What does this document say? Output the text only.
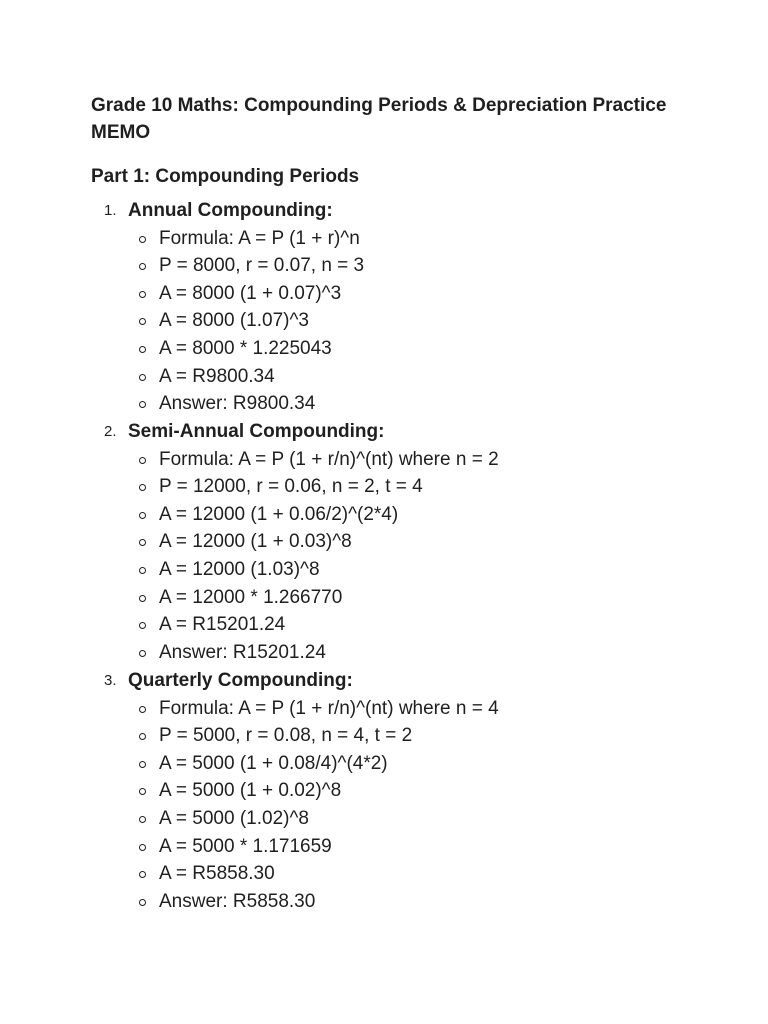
Grade 10 Maths: Compounding Periods & Depreciation Practice MEMO
Part 1: Compounding Periods
1. Annual Compounding:
Formula: A = P (1 + r)^n
P = 8000, r = 0.07, n = 3
A = 8000 (1 + 0.07)^3
A = 8000 (1.07)^3
A = 8000 * 1.225043
A = R9800.34
Answer: R9800.34
2. Semi-Annual Compounding:
Formula: A = P (1 + r/n)^(nt) where n = 2
P = 12000, r = 0.06, n = 2, t = 4
A = 12000 (1 + 0.06/2)^(2*4)
A = 12000 (1 + 0.03)^8
A = 12000 (1.03)^8
A = 12000 * 1.266770
A = R15201.24
Answer: R15201.24
3. Quarterly Compounding:
Formula: A = P (1 + r/n)^(nt) where n = 4
P = 5000, r = 0.08, n = 4, t = 2
A = 5000 (1 + 0.08/4)^(4*2)
A = 5000 (1 + 0.02)^8
A = 5000 (1.02)^8
A = 5000 * 1.171659
A = R5858.30
Answer: R5858.30
